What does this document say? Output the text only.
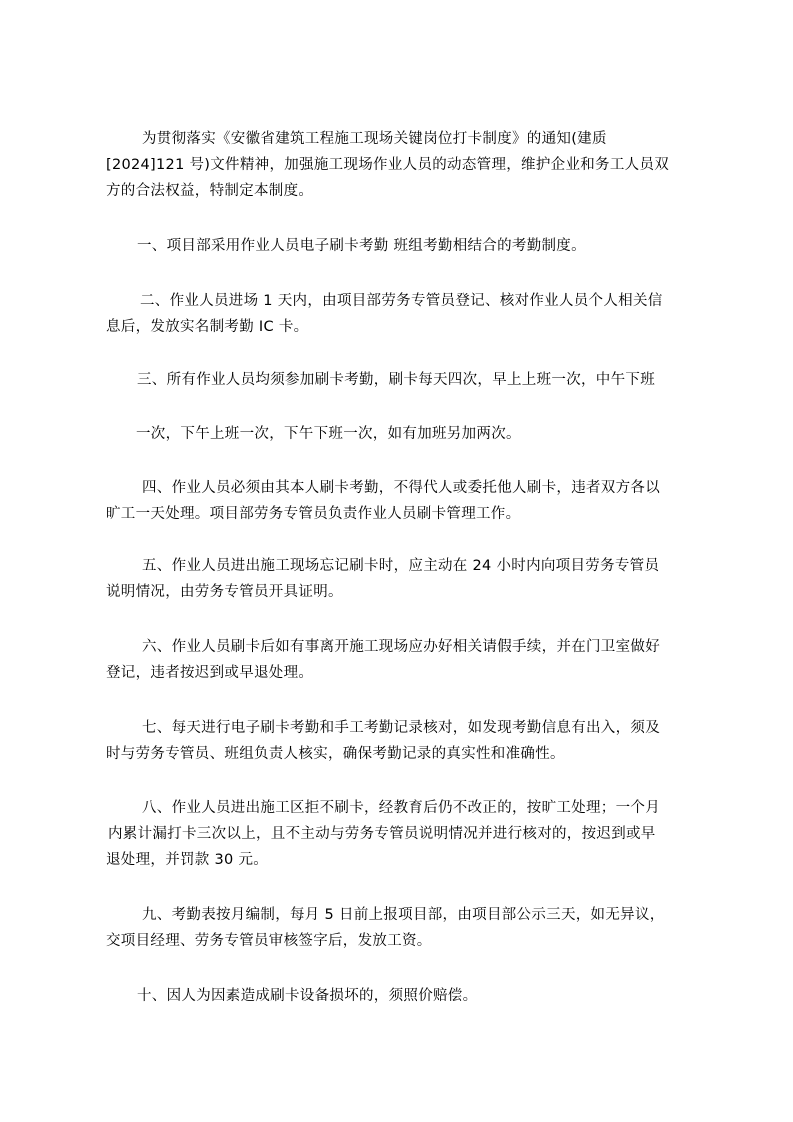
为贯彻落实《安徽省建筑工程施工现场关键岗位打卡制度》的通知(建质
[2024]121 号)文件精神，加强施工现场作业人员的动态管理，维护企业和务工人员双
方的合法权益，特制定本制度。

一、项目部采用作业人员电子刷卡考勤 班组考勤相结合的考勤制度。

二、作业人员进场 1 天内，由项目部劳务专管员登记、核对作业人员个人相关信
息后，发放实名制考勤 IC 卡。

三、所有作业人员均须参加刷卡考勤，刷卡每天四次，早上上班一次，中午下班

一次，下午上班一次，下午下班一次，如有加班另加两次。

四、作业人员必须由其本人刷卡考勤，不得代人或委托他人刷卡，违者双方各以
旷工一天处理。项目部劳务专管员负责作业人员刷卡管理工作。

五、作业人员进出施工现场忘记刷卡时，应主动在 24 小时内向项目劳务专管员
说明情况，由劳务专管员开具证明。

六、作业人员刷卡后如有事离开施工现场应办好相关请假手续，并在门卫室做好
登记，违者按迟到或早退处理。

七、每天进行电子刷卡考勤和手工考勤记录核对，如发现考勤信息有出入，须及
时与劳务专管员、班组负责人核实，确保考勤记录的真实性和准确性。

八、作业人员进出施工区拒不刷卡，经教育后仍不改正的，按旷工处理；一个月
内累计漏打卡三次以上，且不主动与劳务专管员说明情况并进行核对的，按迟到或早
退处理，并罚款 30 元。

九、考勤表按月编制，每月 5 日前上报项目部，由项目部公示三天，如无异议，
交项目经理、劳务专管员审核签字后，发放工资。

十、因人为因素造成刷卡设备损坏的，须照价赔偿。
